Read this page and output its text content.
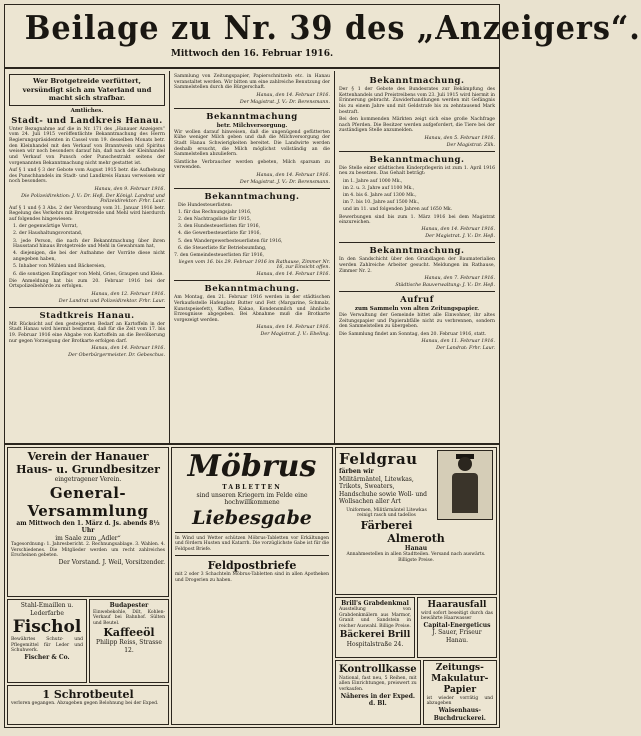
Beilage zu Nr. 39 des „Anzeigers“.
Mittwoch den 16. Februar 1916.
Wer Brotgetreide verfüttert, versündigt sich am Vaterland und macht sich strafbar.
Amtliches.
Stadt- und Landkreis Hanau.

Unter Bezugnahme auf die in Nr. 171 des „Hanauer Anzeigers“ vom 24. Juli 1915 veröffentlichte Bekanntmachung des Herrn Regierungspräsidenten in Cassel vom 19. desselben Monats betr. den Kleinhandel mit den Verkauf von Branntwein und Spiritus weisen wir noch besonders darauf hin, daß nach der Kleinhandel und Verkauf von Punsch oder Punschextrakt seitens der vorgenannten Bekanntmachung nicht mehr gestattet ist.

Auf § 1 und § 3 der Gebote vom August 1915 betr. die Aufhebung des Punschhandels im Stadt- und Landkreis Hanau verweisen wir noch besonders.

Hanau, den 9. Februar 1916.

Die Polizeidirektion: J. V.: Dr. Heß. Der Königl. Landrat und Polizeidirektor: Frhr. Laur.

Auf § 1 und § 3 Abs. 2 der Verordnung vom 31. Januar 1916 betr. Regelung des Verkehrs mit Brotgetreide und Mehl wird hierdurch auf folgendes hingewiesen:

1. der gegenwärtige Vorrat,

2. der Haushaltungsvorstand,

3. jede Person, die nach der Bekanntmachung über ihren Hausstand hinaus Brotgetreide und Mehl in Gewahrsam hat,

4. diejenigen, die bei der Aufnahme der Vorräte diese nicht angegeben haben,

5. Inhaber von Mühlen und Bäckereien,

6. die sonstigen Empfänger von Mehl, Gries, Graupen und Kleie.

Die Anmeldung hat bis zum 20. Februar 1916 bei der Ortspolizeibehörde zu erfolgen.

Hanau, den 12. Februar 1916.

Der Landrat und Polizeidirektor. Frhr. Laur.

Stadtkreis Hanau.

Mit Rücksicht auf den gesteigerten Bedarf an Kartoffeln in der Stadt Hanau wird hiermit bestimmt, daß für die Zeit vom 17. bis 19. Februar 1916 eine Abgabe von Kartoffeln an die Bevölkerung nur gegen Vorzeigung der Brotkarte erfolgen darf.

Hanau, den 14. Februar 1916.

Der Oberbürgermeister. Dr. Gebeschus.

Sammlung von Zeitungspapier, Papierschnitzeln etc. in Hanau veranstaltet werden. Wir bitten um eine zahlreiche Benutzung der Sammelstellen durch die Bürgerschaft.

Hanau, den 14. Februar 1916.

Der Magistrat. J. V.: Dr. Berensmann.

Bekanntmachung
betr. Milchversorgung.

Wir wollen darauf hinweisen, daß die ungenügend gefütterten Kühe weniger Milch geben und daß die Milchversorgung der Stadt Hanau Schwierigkeiten bereitet. Die Landwirte werden deshalb ersucht, die Milch möglichst vollständig an die Sammelstellen abzuliefern.

Sämtliche Verbraucher werden gebeten, Milch sparsam zu verwenden.

Hanau, den 14. Februar 1916.

Der Magistrat. J. V.: Dr. Berensmann.

Bekanntmachung.

Die Hundesteuerlisten:

1. für das Rechnungsjahr 1916,

2. den Nachtragsliste für 1915,

3. den Hundesteuerlisten für 1916,

4. die Gewerbesteuerliste für 1916,

5. den Wandergewerbesteuerlisten für 1916,

6. die Steuerliste für Betriebsumfang,

7. den Gemeindesteuerlisten für 1916,

liegen vom 16. bis 29. Februar 1916 im Rathause, Zimmer Nr. 16, zur Einsicht offen.

Hanau, den 14. Februar 1916.

Bekanntmachung.

Am Montag, den 21. Februar 1916 werden in der städtischen Verkaufsstelle Hafenplatz Butter und Fett (Margarine, Schmalz, Kunstspeisefett), Kaffee, Kakao, Kondensmilch und ähnliche Erzeugnisse abgegeben. Bei Abnahme muß die Brotkarte vorgezeigt werden.

Hanau, den 14. Februar 1916.

Der Magistrat. J. V.: Ebeling.

Bekanntmachung.

Der § 1 der Gebote des Bundesrates zur Bekämpfung des Kettenhandels und Preistreibens vom 23. Juli 1915 wird hiermit in Erinnerung gebracht. Zuwiderhandlungen werden mit Gefängnis bis zu einem Jahre und mit Geldstrafe bis zu zehntausend Mark bestraft.

Bei den kommenden Märkten zeigt sich eine große Nachfrage nach Pferden. Die Besitzer werden aufgefordert, die Tiere bei der zuständigen Stelle anzumelden.

Hanau, den 5. Februar 1916.

Der Magistrat: Zilk.

Bekanntmachung.

Die Stelle einer städtischen Kinderpflegerin ist zum 1. April 1916 neu zu besetzen. Das Gehalt beträgt:

im 1. Jahre auf 1000 Mk.,

im 2. u. 3. Jahre auf 1100 Mk.,

im 4. bis 6. Jahre auf 1300 Mk.,

im 7. bis 10. Jahre auf 1500 Mk.,

und im 11. und folgenden Jahren auf 1650 Mk.

Bewerbungen sind bis zum 1. März 1916 bei dem Magistrat einzureichen.

Hanau, den 14. Februar 1916.

Der Magistrat. J. V.: Dr. Heß.

Bekanntmachung.

In den Sandschicht über den Grundlagen der Baumaterialien werden Zahlreiche Arbeiter gesucht. Meldungen im Rathause, Zimmer Nr. 2.

Hanau, den 7. Februar 1916.

Städtische Bauverwaltung: J. V.: Dr. Heß.

Aufruf
zum Sammeln von alten Zeitungspapier.

Die Verwaltung der Gemeinde bittet alle Einwohner, ihr altes Zeitungspapier und Papierabfälle nicht zu verbrennen, sondern den Sammelstellen zu übergeben.

Die Sammlung findet am Sonntag, den 20. Februar 1916, statt.

Hanau, den 11. Februar 1916.

Der Landrat: Frhr. Laur.

Verein der Hanauer Haus- u. Grundbesitzer
eingetragener Verein.
General-Versammlung
am Mittwoch den 1. März d. Js. abends 8½ Uhr
im Saale zum „Adler“
Tagesordnung: 1. Jahresbericht. 2. Rechnungsablage. 3. Wahlen. 4. Verschiedenes. Die Mitglieder werden um recht zahlreiches Erscheinen gebeten.
Der Vorstand. J. Weil, Vorsitzender.
Stahl-Emaillen u. Lederfarbe
Fischol
Bewährtes Schutz- und Pflegemittel für Leder und Schuhwerk.
Fischer & Co.
Budapester
Einwebekohle, Dilt, Kohlen-Verkauf bei Bahnhof. Sülten und Beutel.
Kaffeeöl
Philipp Reiss, Strasse 12.
1 Schrotbeutel
verloren gegangen. Abzugeben gegen Belohnung bei der Exped.
Möbrus
TABLETTEN
sind unseren Kriegern im Felde eine hochwillkommene
Liebesgabe
In Wind und Wetter schützen Möbrus-Tabletten vor Erkältungen und fördern Husten und Katarrh. Die vorzüglichste Gabe ist für die Feldpost Briefe.
Feldpostbriefe
mit 2 oder 3 Schachteln Möbrus-Tabletten sind in allen Apotheken und Drogerien zu haben.
Feldgrau
färben wir
Militärmäntel, Litewkas, Trikots, Sweaters, Handschuhe sowie Woll- und Wollsachen aller Art
Uniformen, Militärmäntel Litewkas reinigt rasch und tadellos
Färberei Almeroth
Hanau
Annahmestellen in allen Stadtteilen. Versand nach auswärts. Billigste Preise.
Brill's Grabdenkmal
Ausstellung von Grabdenkmälern aus Marmor, Granit und Sandstein in reicher Auswahl. Billige Preise.
Bäckerei Brill
Hospitalstraße 24.
Haarausfall
wird sofort beseitigt durch das bewährte Haarwasser
Capital-Energeticus
J. Sauer, Friseur Hanau.
Kontrollkasse
National, fast neu, 5 Reihen, mit allen Einrichtungen, preiswert zu verkaufen.
Näheres in der Exped. d. Bl.
Zeitungs-Makulatur-Papier
ist wieder vorrätig und abzugeben
Waisenhaus-Buchdruckerei.
